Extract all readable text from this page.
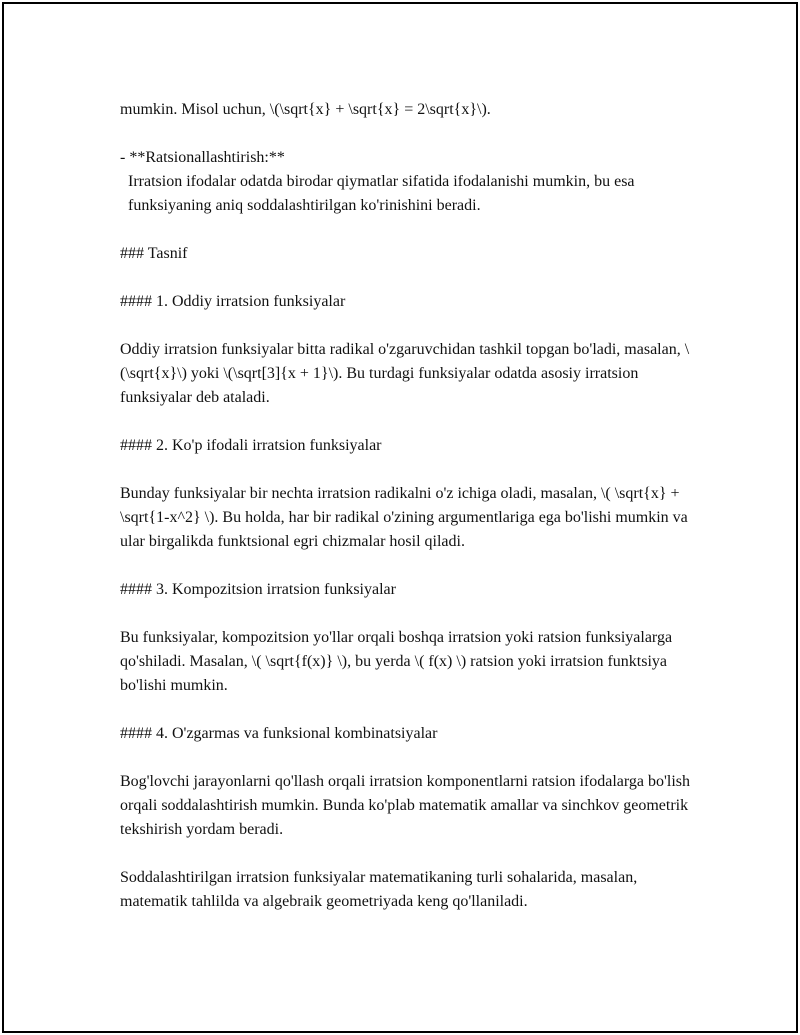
mumkin. Misol uchun, \(\sqrt{x} + \sqrt{x} = 2\sqrt{x}\).

- **Ratsionallashtirish:**
Irratsion ifodalar odatda birodar qiymatlar sifatida ifodalanishi mumkin, bu esa funksiyaning aniq soddalashtirilgan ko'rinishini beradi.

### Tasnif

#### 1. Oddiy irratsion funksiyalar

Oddiy irratsion funksiyalar bitta radikal o'zgaruvchidan tashkil topgan bo'ladi, masalan, \(\sqrt{x}\) yoki \(\sqrt[3]{x + 1}\). Bu turdagi funksiyalar odatda asosiy irratsion funksiyalar deb ataladi.

#### 2. Ko'p ifodali irratsion funksiyalar

Bunday funksiyalar bir nechta irratsion radikalni o'z ichiga oladi, masalan, \( \sqrt{x} + \sqrt{1-x^2} \). Bu holda, har bir radikal o'zining argumentlariga ega bo'lishi mumkin va ular birgalikda funktsional egri chizmalar hosil qiladi.

#### 3. Kompozitsion irratsion funksiyalar

Bu funksiyalar, kompozitsion yo'llar orqali boshqa irratsion yoki ratsion funksiyalarga qo'shiladi. Masalan, \( \sqrt{f(x)} \), bu yerda \( f(x) \) ratsion yoki irratsion funktsiya bo'lishi mumkin.

#### 4. O'zgarmas va funksional kombinatsiyalar

Bog'lovchi jarayonlarni qo'llash orqali irratsion komponentlarni ratsion ifodalarga bo'lish orqali soddalashtirish mumkin. Bunda ko'plab matematik amallar va sinchkov geometrik tekshirish yordam beradi.

Soddalashtirilgan irratsion funksiyalar matematikaning turli sohalarida, masalan, matematik tahlilda va algebraik geometriyada keng qo'llaniladi.
